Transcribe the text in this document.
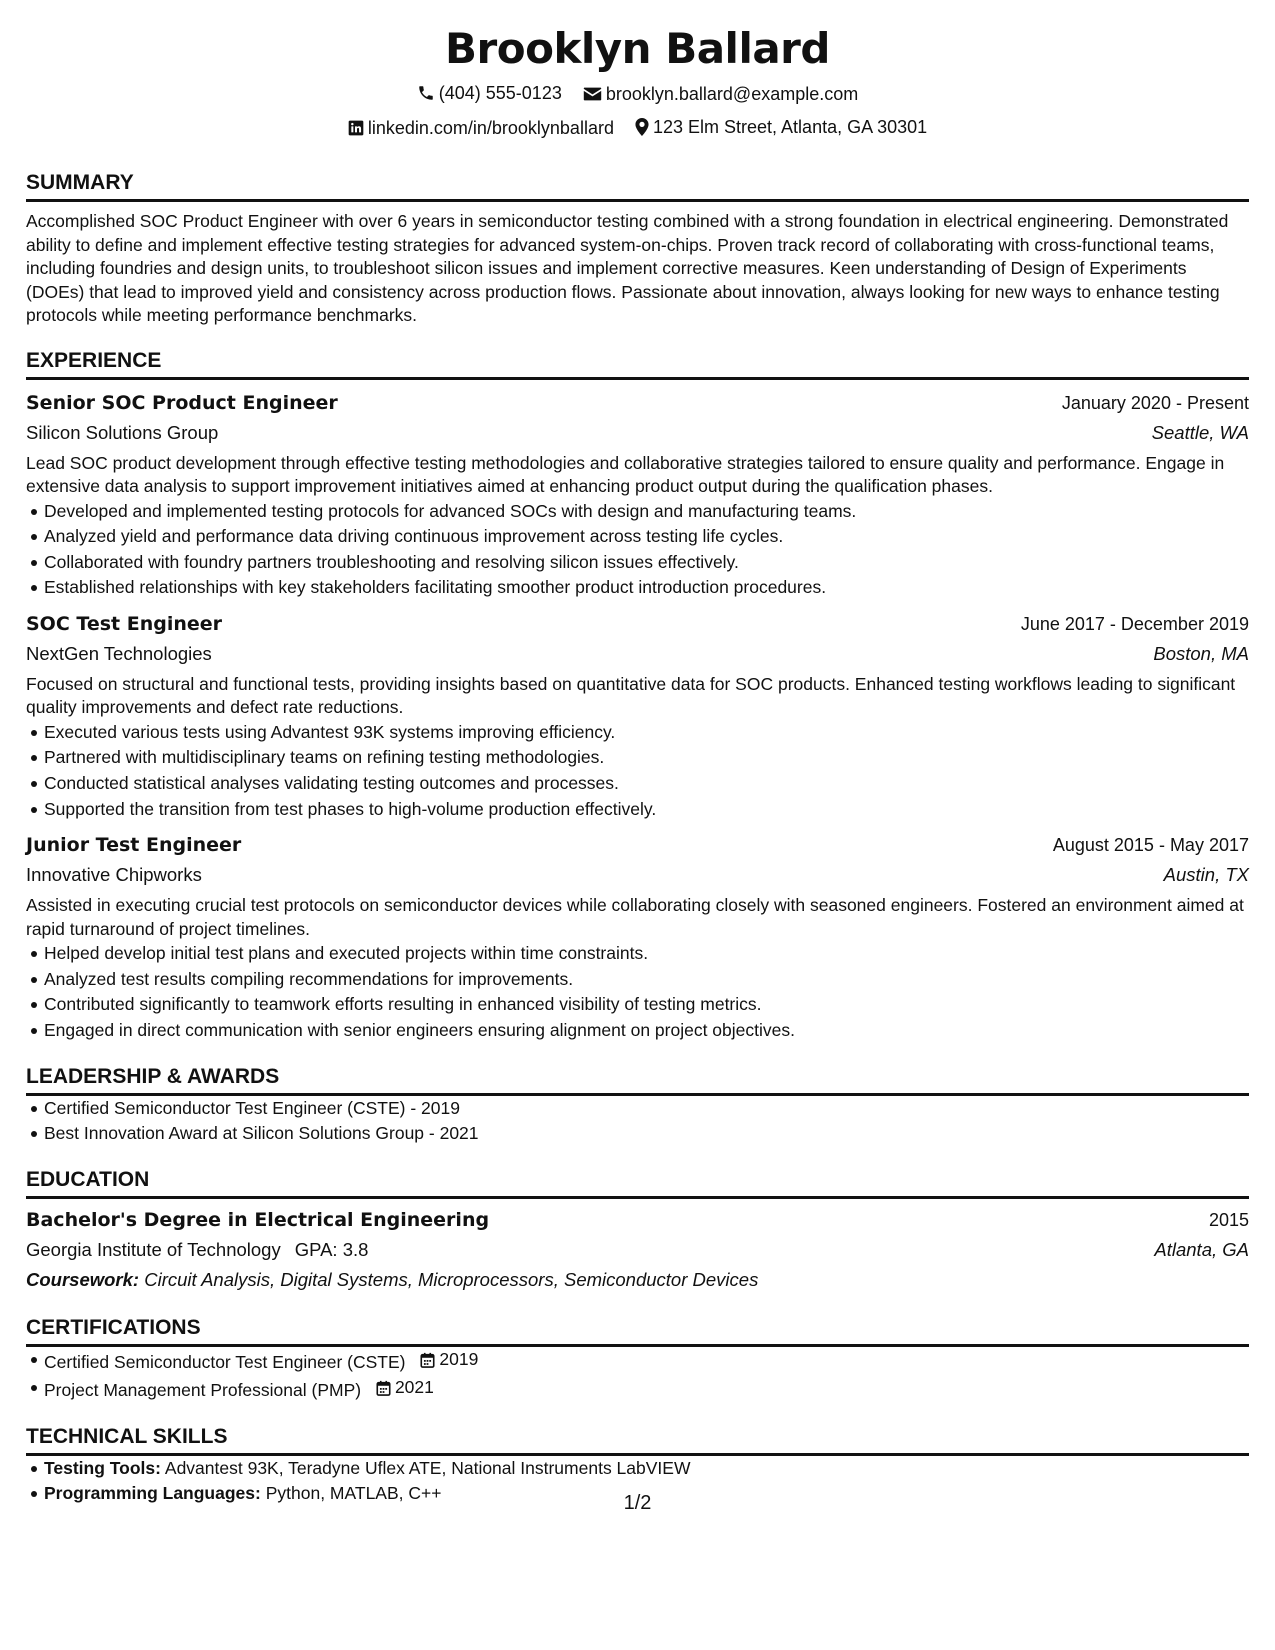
Brooklyn Ballard
(404) 555-0123
brooklyn.ballard@example.com
linkedin.com/in/brooklynballard
123 Elm Street, Atlanta, GA 30301
SUMMARY

Accomplished SOC Product Engineer with over 6 years in semiconductor testing combined with a strong foundation in electrical engineering. Demonstrated ability to define and implement effective testing strategies for advanced system-on-chips. Proven track record of collaborating with cross-functional teams, including foundries and design units, to troubleshoot silicon issues and implement corrective measures. Keen understanding of Design of Experiments (DOEs) that lead to improved yield and consistency across production flows. Passionate about innovation, always looking for new ways to enhance testing protocols while meeting performance benchmarks.

EXPERIENCE
Senior SOC Product Engineer	January 2020 - Present
Silicon Solutions Group	Seattle, WA

Lead SOC product development through effective testing methodologies and collaborative strategies tailored to ensure quality and performance. Engage in extensive data analysis to support improvement initiatives aimed at enhancing product output during the qualification phases.

Developed and implemented testing protocols for advanced SOCs with design and manufacturing teams.
Analyzed yield and performance data driving continuous improvement across testing life cycles.
Collaborated with foundry partners troubleshooting and resolving silicon issues effectively.
Established relationships with key stakeholders facilitating smoother product introduction procedures.
SOC Test Engineer	June 2017 - December 2019
NextGen Technologies	Boston, MA

Focused on structural and functional tests, providing insights based on quantitative data for SOC products. Enhanced testing workflows leading to significant quality improvements and defect rate reductions.

Executed various tests using Advantest 93K systems improving efficiency.
Partnered with multidisciplinary teams on refining testing methodologies.
Conducted statistical analyses validating testing outcomes and processes.
Supported the transition from test phases to high-volume production effectively.
Junior Test Engineer	August 2015 - May 2017
Innovative Chipworks	Austin, TX

Assisted in executing crucial test protocols on semiconductor devices while collaborating closely with seasoned engineers. Fostered an environment aimed at rapid turnaround of project timelines.

Helped develop initial test plans and executed projects within time constraints.
Analyzed test results compiling recommendations for improvements.
Contributed significantly to teamwork efforts resulting in enhanced visibility of testing metrics.
Engaged in direct communication with senior engineers ensuring alignment on project objectives.
LEADERSHIP & AWARDS
Certified Semiconductor Test Engineer (CSTE) - 2019
Best Innovation Award at Silicon Solutions Group - 2021
EDUCATION
Bachelor's Degree in Electrical Engineering	2015
Georgia Institute of Technology GPA: 3.8	Atlanta, GA
Coursework: Circuit Analysis, Digital Systems, Microprocessors, Semiconductor Devices
CERTIFICATIONS
Certified Semiconductor Test Engineer (CSTE) 2019
Project Management Professional (PMP) 2021
TECHNICAL SKILLS
Testing Tools: Advantest 93K, Teradyne Uflex ATE, National Instruments LabVIEW
Programming Languages: Python, MATLAB, C++	1/2
